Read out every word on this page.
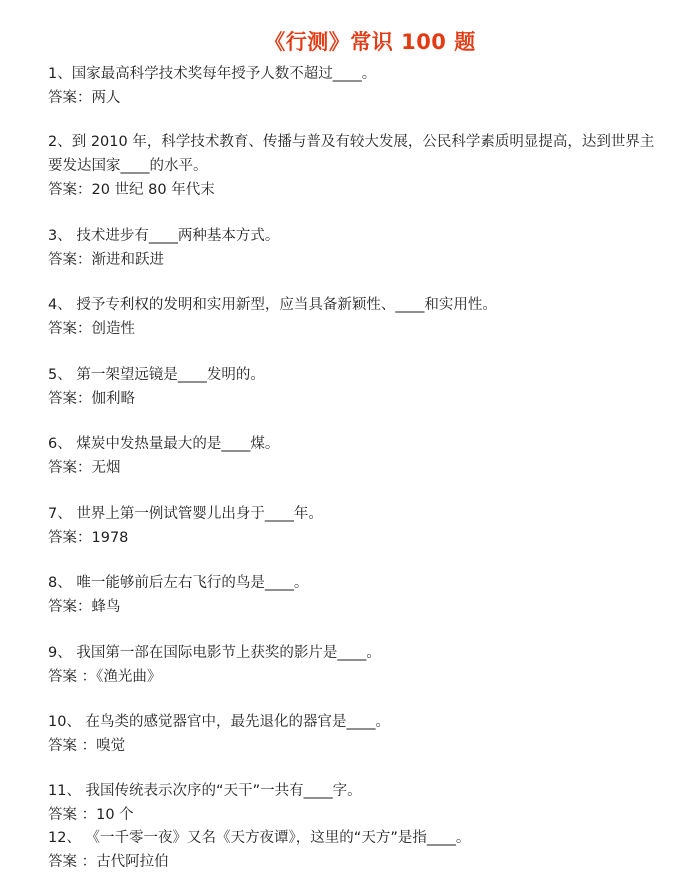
《行测》常识 100 题
1、国家最高科学技术奖每年授予人数不超过____。
答案：两人
2、到 2010 年，科学技术教育、传播与普及有较大发展，公民科学素质明显提高，达到世界主要发达国家____的水平。
答案：20 世纪 80 年代末
3、 技术进步有____两种基本方式。
答案：渐进和跃进
4、 授予专利权的发明和实用新型，应当具备新颖性、____和实用性。
答案：创造性
5、 第一架望远镜是____发明的。
答案：伽利略
6、 煤炭中发热量最大的是____煤。
答案：无烟
7、 世界上第一例试管婴儿出身于____年。
答案：1978
8、 唯一能够前后左右飞行的鸟是____。
答案：蜂鸟
9、 我国第一部在国际电影节上获奖的影片是____。
答案 ：《渔光曲》
10、 在鸟类的感觉器官中，最先退化的器官是____。
答案 ：嗅觉
11、 我国传统表示次序的“天干”一共有____字。
答案 ：10 个
12、 《一千零一夜》又名《天方夜谭》，这里的“天方”是指____。
答案 ：古代阿拉伯
